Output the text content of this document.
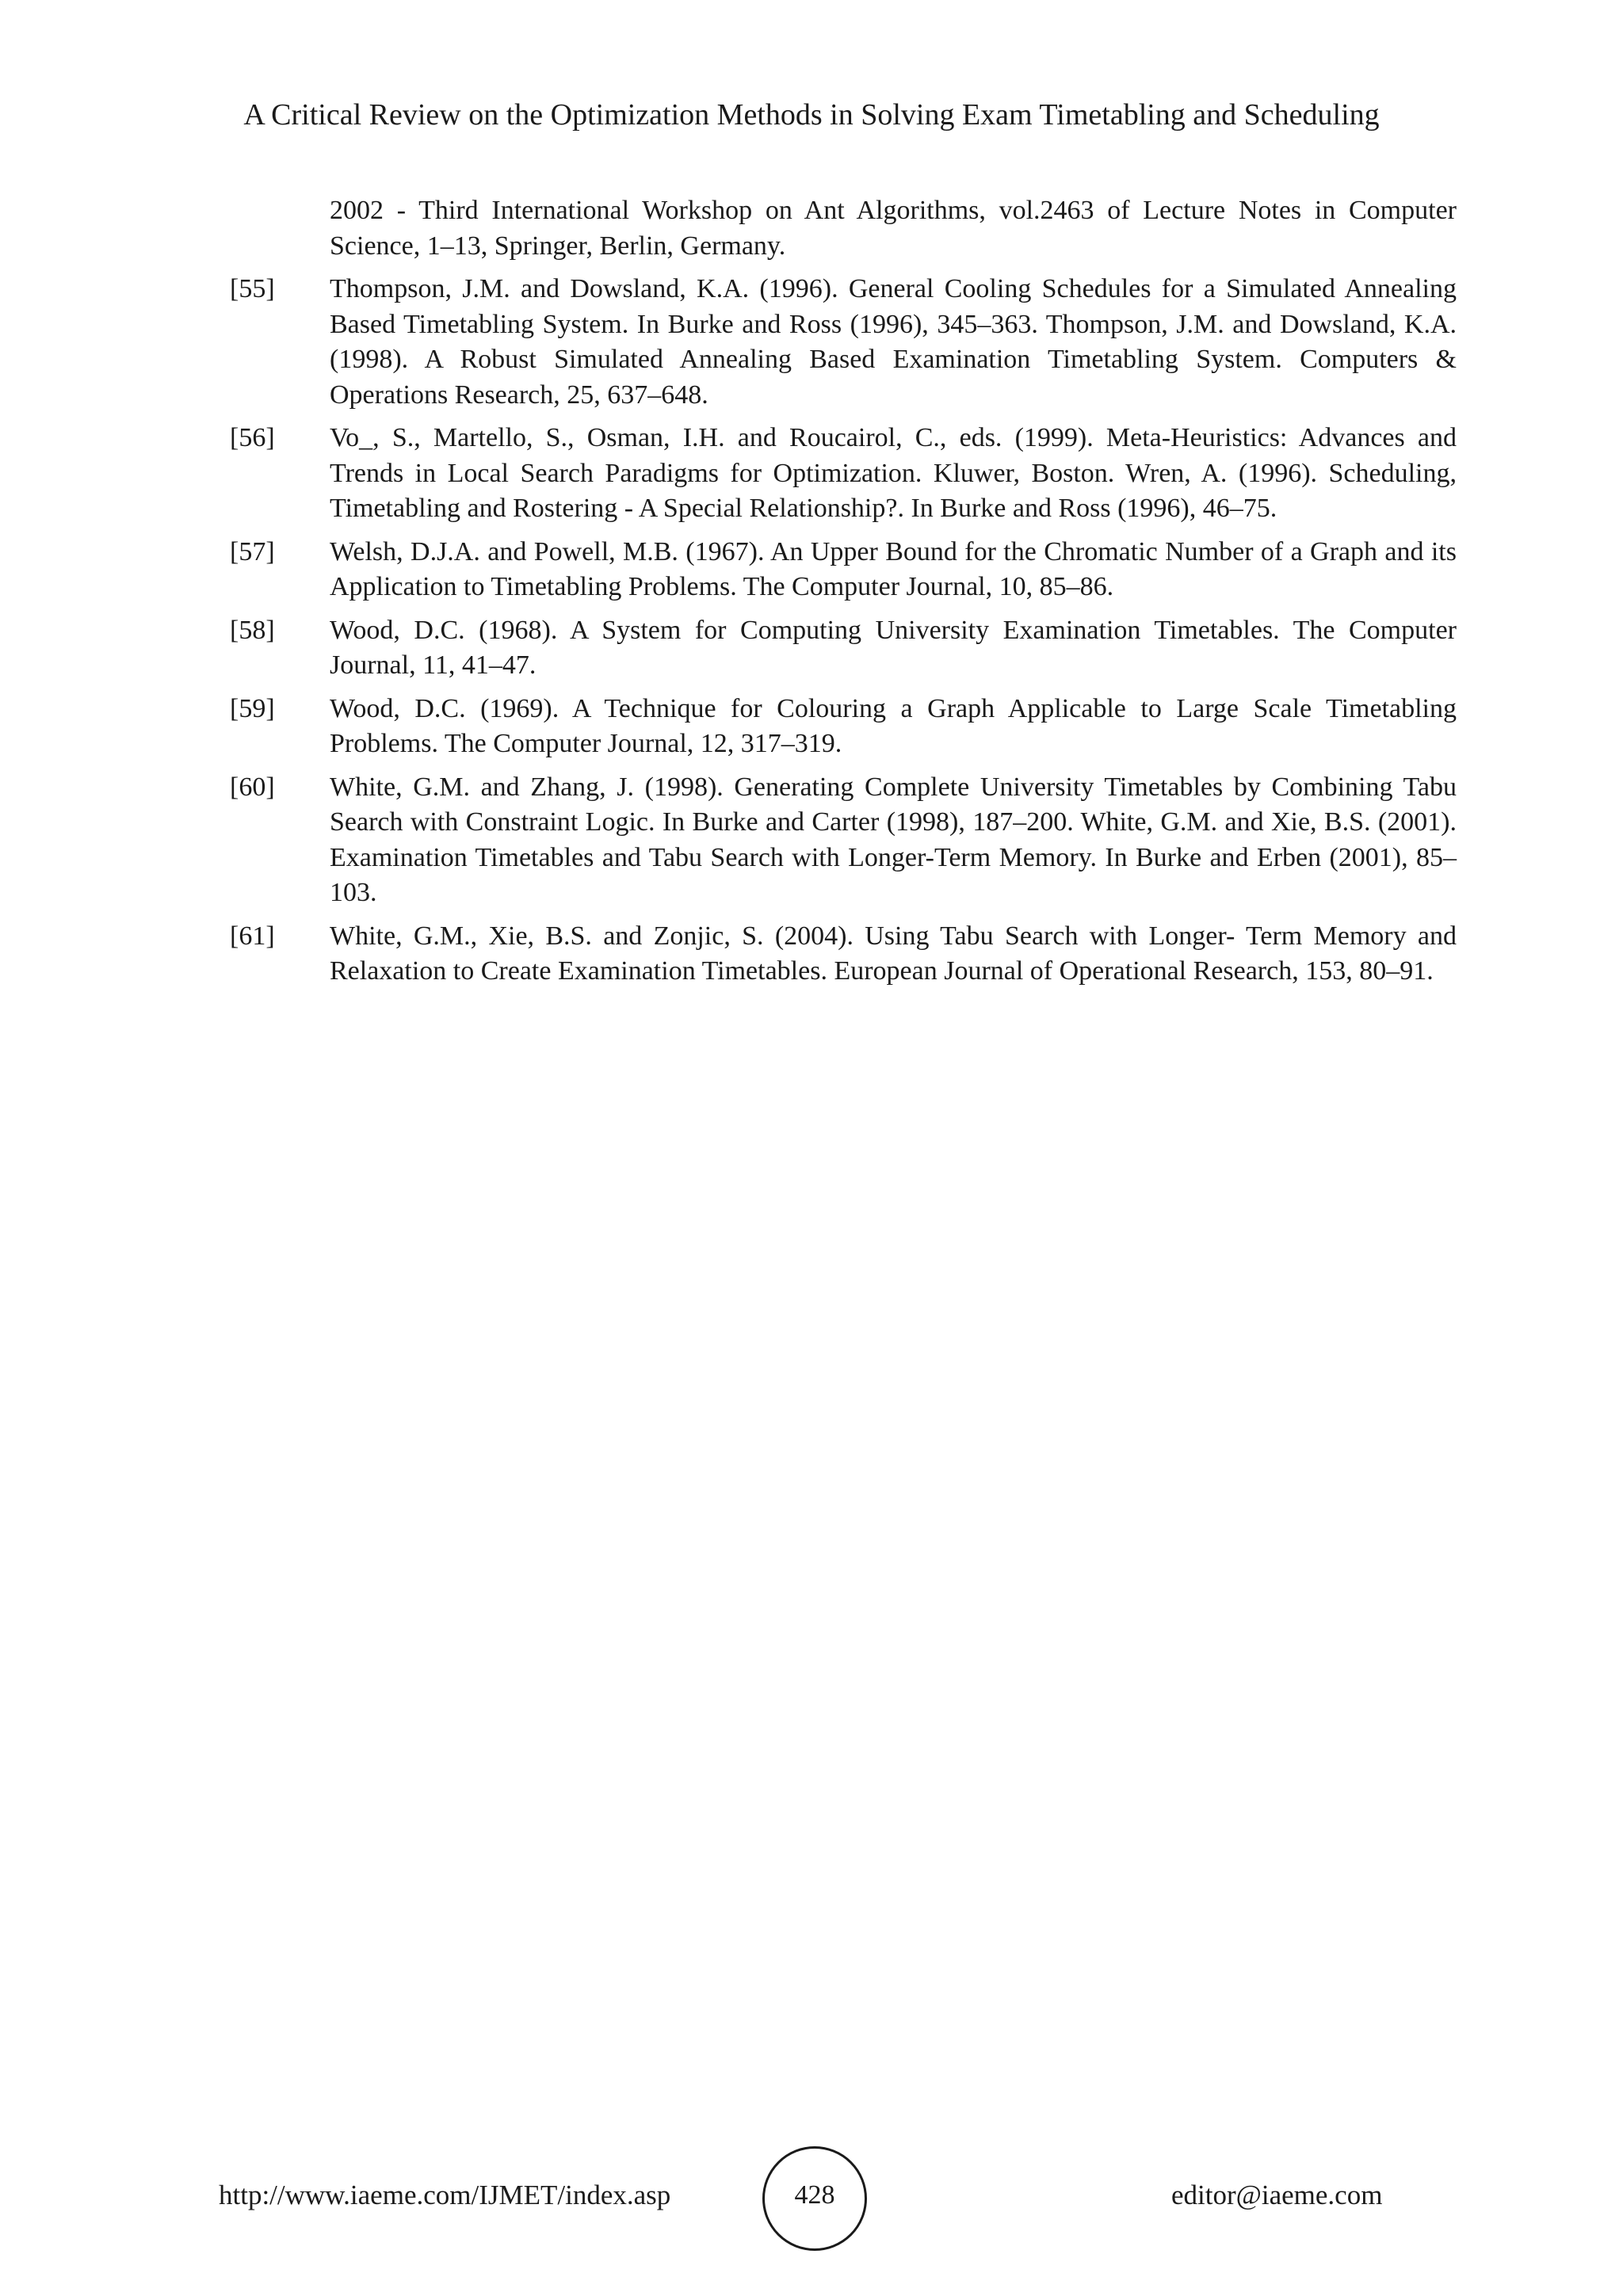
A Critical Review on the Optimization Methods in Solving Exam Timetabling and Scheduling
2002 - Third International Workshop on Ant Algorithms, vol.2463 of Lecture Notes in Computer Science, 1–13, Springer, Berlin, Germany.
[55]	Thompson, J.M. and Dowsland, K.A. (1996). General Cooling Schedules for a Simulated Annealing Based Timetabling System. In Burke and Ross (1996), 345–363. Thompson, J.M. and Dowsland, K.A. (1998). A Robust Simulated Annealing Based Examination Timetabling System. Computers & Operations Research, 25, 637–648.
[56]	Vo_, S., Martello, S., Osman, I.H. and Roucairol, C., eds. (1999). Meta-Heuristics: Advances and Trends in Local Search Paradigms for Optimization. Kluwer, Boston. Wren, A. (1996). Scheduling, Timetabling and Rostering - A Special Relationship?. In Burke and Ross (1996), 46–75.
[57]	Welsh, D.J.A. and Powell, M.B. (1967). An Upper Bound for the Chromatic Number of a Graph and its Application to Timetabling Problems. The Computer Journal, 10, 85–86.
[58]	Wood, D.C. (1968). A System for Computing University Examination Timetables. The Computer Journal, 11, 41–47.
[59]	Wood, D.C. (1969). A Technique for Colouring a Graph Applicable to Large Scale Timetabling Problems. The Computer Journal, 12, 317–319.
[60]	White, G.M. and Zhang, J. (1998). Generating Complete University Timetables by Combining Tabu Search with Constraint Logic. In Burke and Carter (1998), 187–200. White, G.M. and Xie, B.S. (2001). Examination Timetables and Tabu Search with Longer-Term Memory. In Burke and Erben (2001), 85–103.
[61]	White, G.M., Xie, B.S. and Zonjic, S. (2004). Using Tabu Search with Longer- Term Memory and Relaxation to Create Examination Timetables. European Journal of Operational Research, 153, 80–91.
http://www.iaeme.com/IJMET/index.asp	428	editor@iaeme.com
